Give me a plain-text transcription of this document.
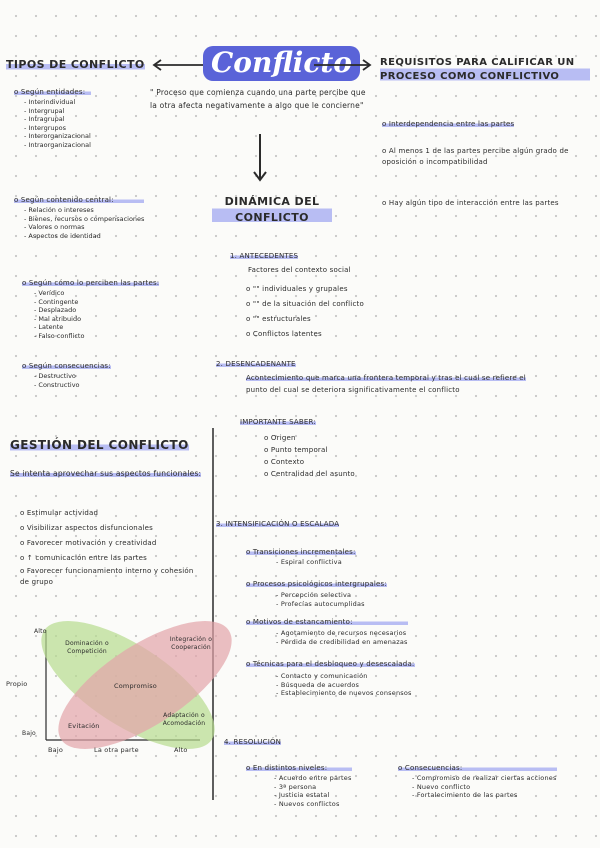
TIPOS DE CONFLICTO Conflicto	REQUISITOS PARA CALIFICAR UN PROCESO COMO CONFLICTIVO
" Proceso que comienza cuando una parte percibe que la otra afecta negativamente a algo que le concierne"
o Según entidades:
- Interindividual
- Intergrupal
- Intragrupal
- Intergrupos
- Interorganizacional
- Intraorganizacional
o Según contenido central:
- Relación o intereses
- Bienes, recursos o compensaciones
- Valores o normas
- Aspectos de identidad
o Según cómo lo perciben las partes:
- Verídico
- Contingente
- Desplazado
- Mal atribuido
- Latente
- Falso conflicto
o Según consecuencias:
- Destructivo
- Constructivo
o Interdependencia entre las partes
o Al menos 1 de las partes percibe algún grado de oposición o incompatibilidad
o Hay algún tipo de interacción entre las partes
DINÁMICA DEL CONFLICTO
1. ANTECEDENTES
Factores del contexto social
o "" individuales y grupales
o "" de la situación del conflicto
o "" estructurales
o Conflictos latentes
2. DESENCADENANTE
Acontecimiento que marca una frontera temporal y tras el cual se refiere el
punto del cual se deteriora significativamente el conflicto
IMPORTANTE SABER:
o Origen
o Punto temporal
o Contexto
o Centralidad del asunto
3. INTENSIFICACIÓN O ESCALADA
o Transiciones incrementales:
- Espiral conflictiva
o Procesos psicológicos intergrupales:
- Percepción selectiva
- Profecías autocumplidas
o Motivos de estancamiento:
- Agotamiento de recursos necesarios
- Pérdida de credibilidad en amenazas
o Técnicas para el desbloqueo y desescalada:
- Contacto y comunicación
- Búsqueda de acuerdos
- Establecimiento de nuevos consensos
4. RESOLUCIÓN
o En distintos niveles:
- Acuerdo entre partes
- 3ª persona
- Justicia estatal
- Nuevos conflictos
o Consecuencias:
- Compromiso de realizar ciertas acciones
- Nuevo conflicto
- Fortalecimiento de las partes
GESTIÓN DEL CONFLICTO
Se intenta aprovechar sus aspectos funcionales:
o Estimular actividad
o Visibilizar aspectos disfuncionales
o Favorecer motivación y creatividad
o ↑ comunicación entre las partes
o Favorecer funcionamiento interno y cohesión de grupo
Alto
Propio
Bajo
Bajo	La otra parte	Alto
Dominación o Competición
Integración o Cooperación
Compromiso
Evitación
Adaptación o Acomodación
